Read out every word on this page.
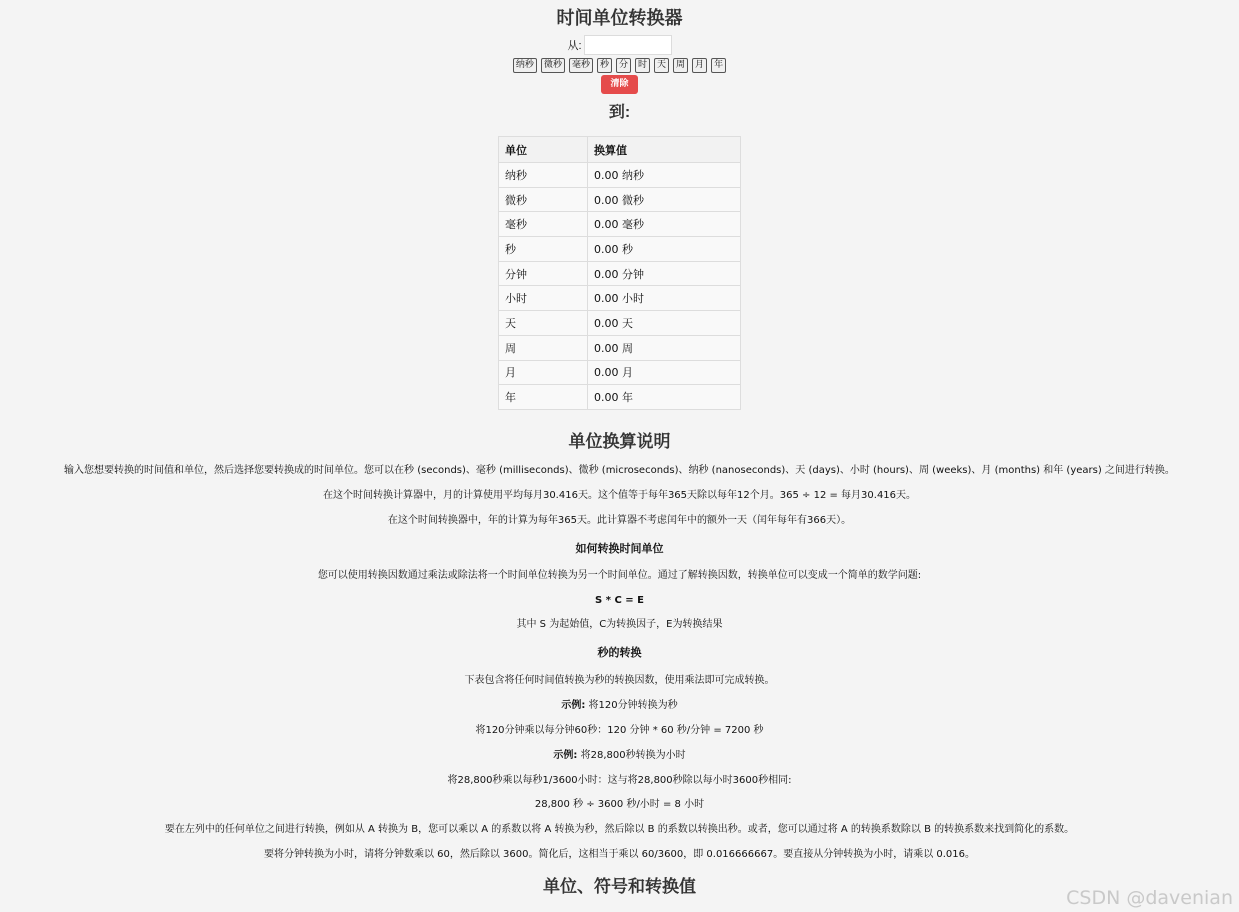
时间单位转换器
从:
纳秒	微秒	毫秒	秒	分	时	天	周	月	年
清除
到:
单位	换算值
纳秒	0.00 纳秒
微秒	0.00 微秒
毫秒	0.00 毫秒
秒	0.00 秒
分钟	0.00 分钟
小时	0.00 小时
天	0.00 天
周	0.00 周
月	0.00 月
年	0.00 年
单位换算说明

输入您想要转换的时间值和单位，然后选择您要转换成的时间单位。您可以在秒 (seconds)、毫秒 (milliseconds)、微秒 (microseconds)、纳秒 (nanoseconds)、天 (days)、小时 (hours)、周 (weeks)、月 (months) 和年 (years) 之间进行转换。

在这个时间转换计算器中，月的计算使用平均每月30.416天。这个值等于每年365天除以每年12个月。365 ÷ 12 = 每月30.416天。

在这个时间转换器中，年的计算为每年365天。此计算器不考虑闰年中的额外一天（闰年每年有366天）。

如何转换时间单位

您可以使用转换因数通过乘法或除法将一个时间单位转换为另一个时间单位。通过了解转换因数，转换单位可以变成一个简单的数学问题:

S * C = E

其中 S 为起始值，C为转换因子，E为转换结果

秒的转换

下表包含将任何时间值转换为秒的转换因数，使用乘法即可完成转换。

示例: 将120分钟转换为秒

将120分钟乘以每分钟60秒：120 分钟 * 60 秒/分钟 = 7200 秒

示例: 将28,800秒转换为小时

将28,800秒乘以每秒1/3600小时：这与将28,800秒除以每小时3600秒相同:

28,800 秒 ÷ 3600 秒/小时 = 8 小时

要在左列中的任何单位之间进行转换，例如从 A 转换为 B，您可以乘以 A 的系数以将 A 转换为秒，然后除以 B 的系数以转换出秒。或者，您可以通过将 A 的转换系数除以 B 的转换系数来找到简化的系数。

要将分钟转换为小时，请将分钟数乘以 60，然后除以 3600。简化后，这相当于乘以 60/3600，即 0.016666667。要直接从分钟转换为小时，请乘以 0.016。

单位、符号和转换值
CSDN @davenian
